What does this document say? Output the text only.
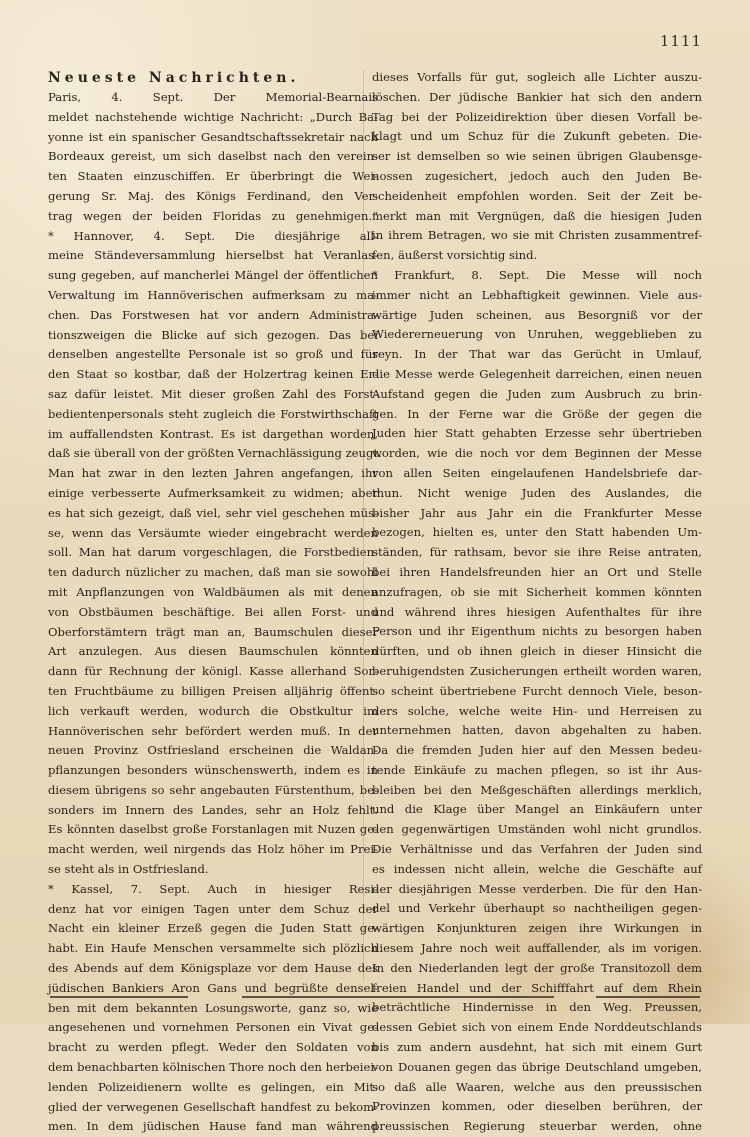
1111
Neueste Nachrichten.
Paris, 4. Sept. Der Memorial-Bearnais
meldet nachstehende wichtige Nachricht: „Durch Ba-
yonne ist ein spanischer Gesandtschaftssekretair nach
Bordeaux gereist, um sich daselbst nach den verein-
ten Staaten einzuschiffen. Er überbringt die Wei-
gerung Sr. Maj. des Königs Ferdinand, den Ver-
trag wegen der beiden Floridas zu genehmigen.“
* Hannover, 4. Sept. Die diesjährige all-
meine Ständeversammlung hierselbst hat Veranlas-
sung gegeben, auf mancherlei Mängel der öffentlichen
Verwaltung im Hannöverischen aufmerksam zu ma-
chen. Das Forstwesen hat vor andern Administra-
tionszweigen die Blicke auf sich gezogen. Das bei
denselben angestellte Personale ist so groß und für
den Staat so kostbar, daß der Holzertrag keinen Er-
saz dafür leistet. Mit dieser großen Zahl des Forst-
bedientenpersonals steht zugleich die Forstwirthschaft
im auffallendsten Kontrast. Es ist dargethan worden,
daß sie überall von der größten Vernachlässigung zeugt.
Man hat zwar in den lezten Jahren angefangen, ihr
einige verbesserte Aufmerksamkeit zu widmen; aber
es hat sich gezeigt, daß viel, sehr viel geschehen müs-
se, wenn das Versäumte wieder eingebracht werden
soll. Man hat darum vorgeschlagen, die Forstbedien-
ten dadurch nüzlicher zu machen, daß man sie sowohl
mit Anpflanzungen von Waldbäumen als mit denen
von Obstbäumen beschäftige. Bei allen Forst- und
Oberforstämtern trägt man an, Baumschulen dieser
Art anzulegen. Aus diesen Baumschulen könnten
dann für Rechnung der königl. Kasse allerhand Sor-
ten Fruchtbäume zu billigen Preisen alljährig öffent-
lich verkauft werden, wodurch die Obstkultur im
Hannöverischen sehr befördert werden muß. In der
neuen Provinz Ostfriesland erscheinen die Waldan-
pflanzungen besonders wünschenswerth, indem es in
diesem übrigens so sehr angebauten Fürstenthum, be-
sonders im Innern des Landes, sehr an Holz fehlt.
Es könnten daselbst große Forstanlagen mit Nuzen ge-
macht werden, weil nirgends das Holz höher im Prei-
se steht als in Ostfriesland.
* Kassel, 7. Sept. Auch in hiesiger Resi-
denz hat vor einigen Tagen unter dem Schuz der
Nacht ein kleiner Erzeß gegen die Juden Statt ge-
habt. Ein Haufe Menschen versammelte sich plözlich
des Abends auf dem Königsplaze vor dem Hause des
jüdischen Bankiers Aron Gans und begrüßte densel-
ben mit dem bekannten Losungsworte, ganz so, wie
angesehenen und vornehmen Personen ein Vivat ge-
bracht zu werden pflegt. Weder den Soldaten von
dem benachbarten kölnischen Thore noch den herbeiei-
lenden Polizeidienern wollte es gelingen, ein Mit-
glied der verwegenen Gesellschaft handfest zu bekom-
men. In dem jüdischen Hause fand man während
dieses Vorfalls für gut, sogleich alle Lichter auszu-
löschen. Der jüdische Bankier hat sich den andern
Tag bei der Polizeidirektion über diesen Vorfall be-
klagt und um Schuz für die Zukunft gebeten. Die-
ser ist demselben so wie seinen übrigen Glaubensge-
nossen zugesichert, jedoch auch den Juden Be-
scheidenheit empfohlen worden. Seit der Zeit be-
merkt man mit Vergnügen, daß die hiesigen Juden
in ihrem Betragen, wo sie mit Christen zusammentref-
fen, äußerst vorsichtig sind.
* Frankfurt, 8. Sept. Die Messe will noch
immer nicht an Lebhaftigkeit gewinnen. Viele aus-
wärtige Juden scheinen, aus Besorgniß vor der
Wiedererneuerung von Unruhen, weggeblieben zu
seyn. In der That war das Gerücht in Umlauf,
die Messe werde Gelegenheit darreichen, einen neuen
Aufstand gegen die Juden zum Ausbruch zu brin-
gen. In der Ferne war die Größe der gegen die
Juden hier Statt gehabten Erzesse sehr übertrieben
worden, wie die noch vor dem Beginnen der Messe
von allen Seiten eingelaufenen Handelsbriefe dar-
thun. Nicht wenige Juden des Auslandes, die
bisher Jahr aus Jahr ein die Frankfurter Messe
bezogen, hielten es, unter den Statt habenden Um-
ständen, für rathsam, bevor sie ihre Reise antraten,
bei ihren Handelsfreunden hier an Ort und Stelle
anzufragen, ob sie mit Sicherheit kommen könnten
und während ihres hiesigen Aufenthaltes für ihre
Person und ihr Eigenthum nichts zu besorgen haben
dürften, und ob ihnen gleich in dieser Hinsicht die
beruhigendsten Zusicherungen ertheilt worden waren,
so scheint übertriebene Furcht dennoch Viele, beson-
ders solche, welche weite Hin- und Herreisen zu
unternehmen hatten, davon abgehalten zu haben.
Da die fremden Juden hier auf den Messen bedeu-
tende Einkäufe zu machen pflegen, so ist ihr Aus-
bleiben bei den Meßgeschäften allerdings merklich,
und die Klage über Mangel an Einkäufern unter
den gegenwärtigen Umständen wohl nicht grundlos.
Die Verhältnisse und das Verfahren der Juden sind
es indessen nicht allein, welche die Geschäfte auf
der diesjährigen Messe verderben. Die für den Han-
del und Verkehr überhaupt so nachtheiligen gegen-
wärtigen Konjunkturen zeigen ihre Wirkungen in
diesem Jahre noch weit auffallender, als im vorigen.
In den Niederlanden legt der große Transitozoll dem
freien Handel und der Schifffahrt auf dem Rhein
beträchtliche Hindernisse in den Weg. Preussen,
dessen Gebiet sich von einem Ende Norddeutschlands
bis zum andern ausdehnt, hat sich mit einem Gurt
von Douanen gegen das übrige Deutschland umgeben,
so daß alle Waaren, welche aus den preussischen
Provinzen kommen, oder dieselben berühren, der
preussischen Regierung steuerbar werden, ohne
